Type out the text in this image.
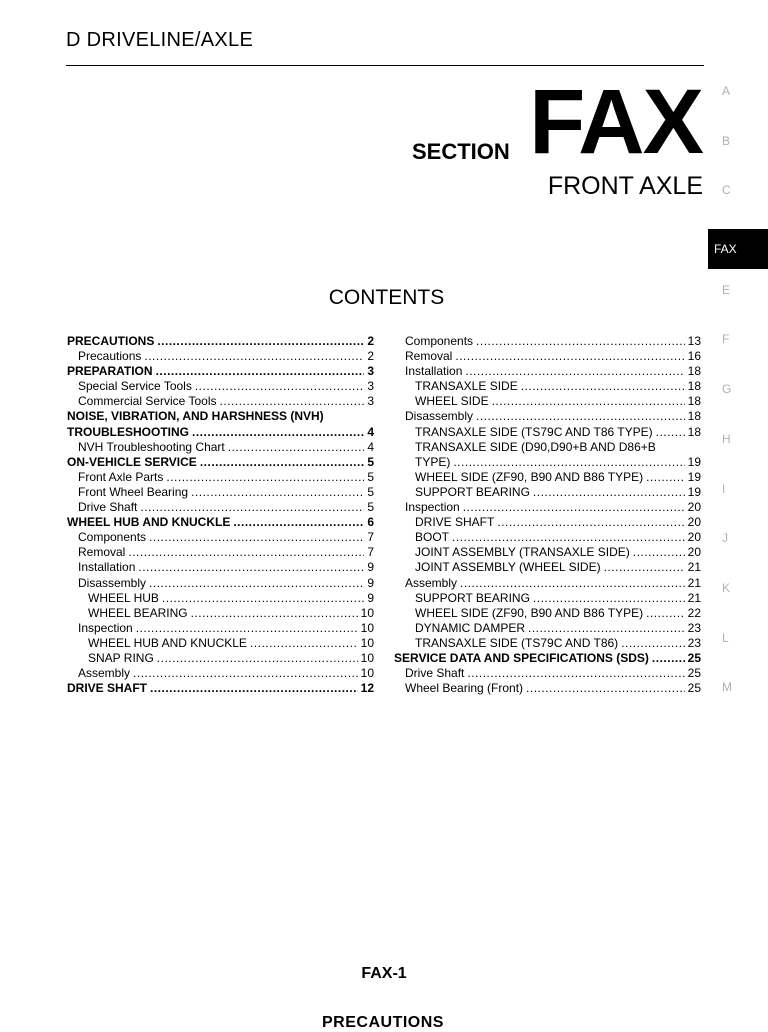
D DRIVELINE/AXLE
SECTION FAX
FRONT AXLE
A
B
C
FAX
E
F
G
H
I
J
K
L
M
CONTENTS
PRECAUTIONS .....	2
Precautions .....	2
PREPARATION .....	3
Special Service Tools .....	3
Commercial Service Tools .....	3
NOISE, VIBRATION, AND HARSHNESS (NVH)
TROUBLESHOOTING .....	4
NVH Troubleshooting Chart .....	4
ON-VEHICLE SERVICE .....	5
Front Axle Parts .....	5
Front Wheel Bearing .....	5
Drive Shaft .....	5
WHEEL HUB AND KNUCKLE .....	6
Components .....	7
Removal .....	7
Installation .....	9
Disassembly .....	9
WHEEL HUB .....	9
WHEEL BEARING .....	10
Inspection .....	10
WHEEL HUB AND KNUCKLE .....	10
SNAP RING .....	10
Assembly .....	10
DRIVE SHAFT .....	12
Components .....	13
Removal .....	16
Installation .....	18
TRANSAXLE SIDE .....	18
WHEEL SIDE .....	18
Disassembly .....	18
TRANSAXLE SIDE (TS79C AND T86 TYPE) .....	18
TRANSAXLE SIDE (D90,D90+B AND D86+B
TYPE) .....	19
WHEEL SIDE (ZF90, B90 AND B86 TYPE) .....	19
SUPPORT BEARING .....	19
Inspection .....	20
DRIVE SHAFT .....	20
BOOT .....	20
JOINT ASSEMBLY (TRANSAXLE SIDE) .....	20
JOINT ASSEMBLY (WHEEL SIDE) .....	21
Assembly .....	21
SUPPORT BEARING .....	21
WHEEL SIDE (ZF90, B90 AND B86 TYPE) .....	22
DYNAMIC DAMPER .....	23
TRANSAXLE SIDE (TS79C AND T86) .....	23
SERVICE DATA AND SPECIFICATIONS (SDS) .....	25
Drive Shaft .....	25
Wheel Bearing (Front) .....	25
FAX-1
PRECAUTIONS
